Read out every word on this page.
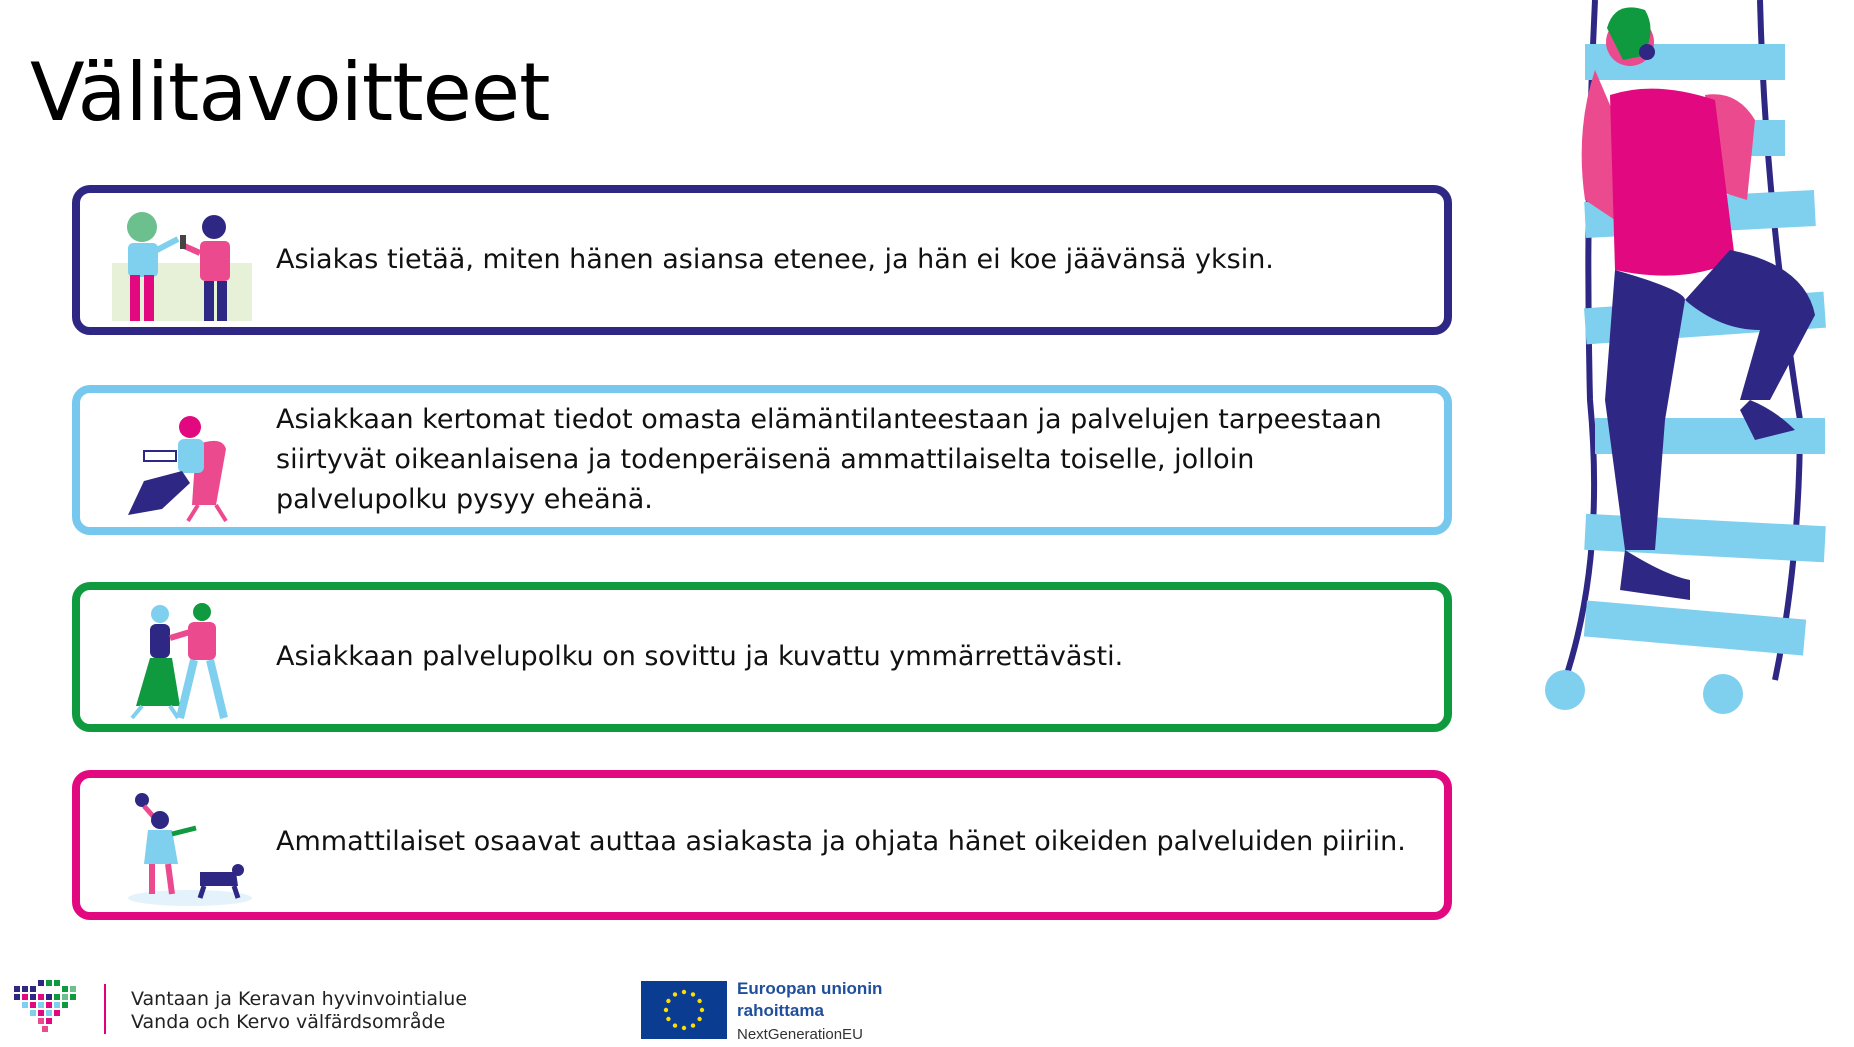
Välitavoitteet
Asiakas tietää, miten hänen asiansa etenee, ja hän ei koe jäävänsä yksin.
Asiakkaan kertomat tiedot omasta elämäntilanteestaan ja palvelujen tarpeestaan siirtyvät oikeanlaisena ja todenperäisenä ammattilaiselta toiselle, jolloin palvelupolku pysyy eheänä.
Asiakkaan palvelupolku on sovittu ja kuvattu ymmärrettävästi.
Ammattilaiset osaavat auttaa asiakasta ja ohjata hänet oikeiden palveluiden piiriin.
Vantaan ja Keravan hyvinvointialue
Vanda och Kervo välfärdsområde
Euroopan unionin
rahoittama
NextGenerationEU
